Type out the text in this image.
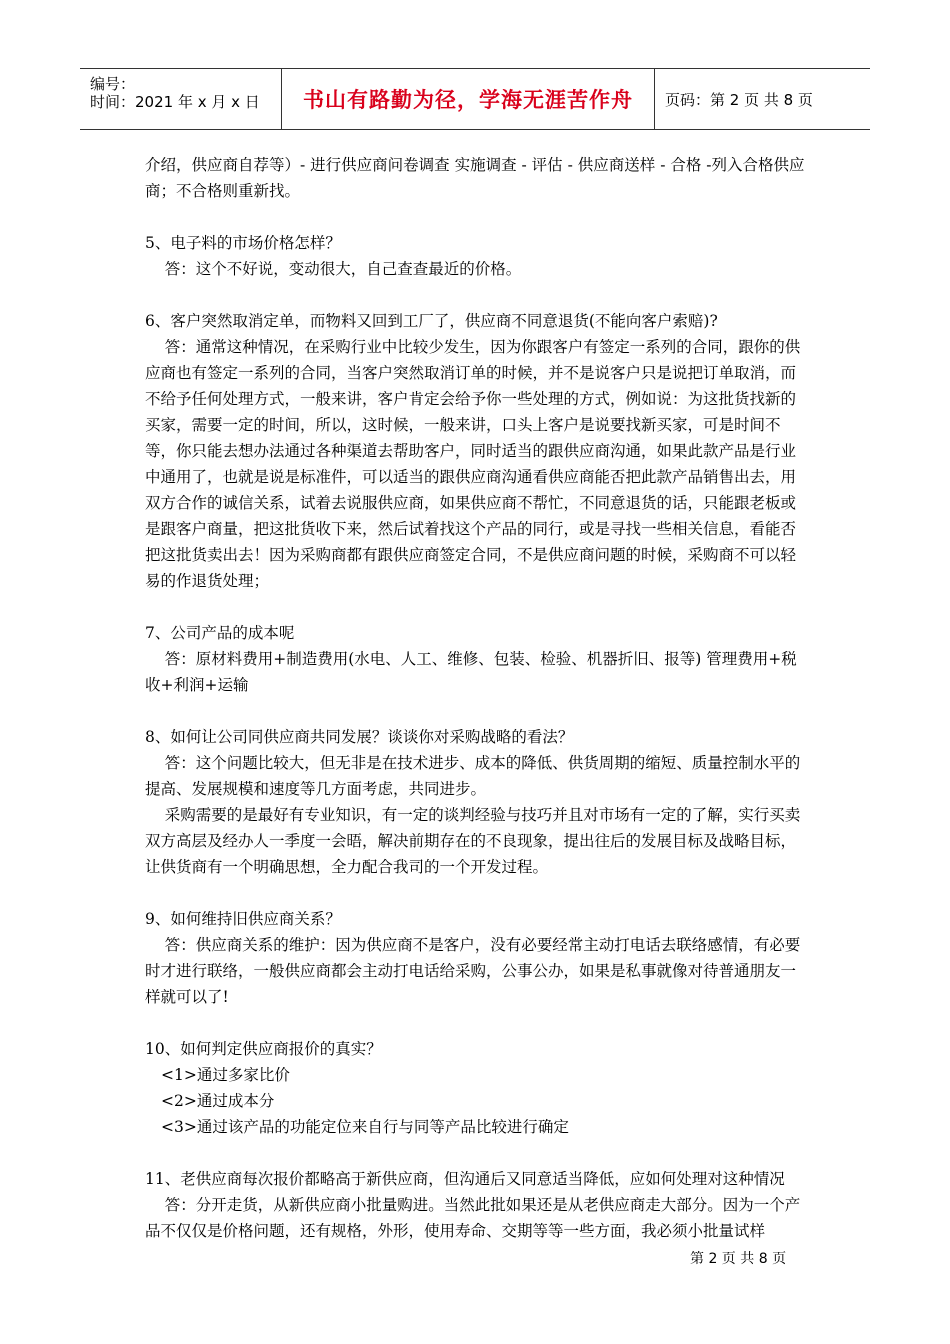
编号：
时间：2021 年 x 月 x 日 书山有路勤为径，学海无涯苦作舟 页码：第 2 页 共 8 页

介绍，供应商自荐等）- 进行供应商问卷调查 实施调查 - 评估 - 供应商送样 - 合格 -列入合格供应商；不合格则重新找。

5、电子料的市场价格怎样？

答：这个不好说，变动很大，自己查查最近的价格。

6、客户突然取消定单，而物料又回到工厂了，供应商不同意退货(不能向客户索赔)?

答：通常这种情况，在采购行业中比较少发生，因为你跟客户有签定一系列的合同，跟你的供应商也有签定一系列的合同，当客户突然取消订单的时候，并不是说客户只是说把订单取消，而不给予任何处理方式，一般来讲，客户肯定会给予你一些处理的方式，例如说：为这批货找新的买家，需要一定的时间，所以，这时候，一般来讲，口头上客户是说要找新买家，可是时间不等，你只能去想办法通过各种渠道去帮助客户，同时适当的跟供应商沟通，如果此款产品是行业中通用了，也就是说是标准件，可以适当的跟供应商沟通看供应商能否把此款产品销售出去，用双方合作的诚信关系，试着去说服供应商，如果供应商不帮忙，不同意退货的话，只能跟老板或是跟客户商量，把这批货收下来，然后试着找这个产品的同行，或是寻找一些相关信息，看能否把这批货卖出去！因为采购商都有跟供应商签定合同，不是供应商问题的时候，采购商不可以轻易的作退货处理；

7、公司产品的成本呢

答：原材料费用+制造费用(水电、人工、维修、包装、检验、机器折旧、报等) 管理费用+税收+利润+运输

8、如何让公司同供应商共同发展？谈谈你对采购战略的看法？

答：这个问题比较大，但无非是在技术进步、成本的降低、供货周期的缩短、质量控制水平的提高、发展规模和速度等几方面考虑，共同进步。

采购需要的是最好有专业知识，有一定的谈判经验与技巧并且对市场有一定的了解，实行买卖双方高层及经办人一季度一会晤，解决前期存在的不良现象，提出往后的发展目标及战略目标，让供货商有一个明确思想，全力配合我司的一个开发过程。

9、如何维持旧供应商关系？

答：供应商关系的维护：因为供应商不是客户，没有必要经常主动打电话去联络感情，有必要时才进行联络，一般供应商都会主动打电话给采购，公事公办，如果是私事就像对待普通朋友一样就可以了!

10、如何判定供应商报价的真实？

<1>通过多家比价

<2>通过成本分

<3>通过该产品的功能定位来自行与同等产品比较进行确定

11、老供应商每次报价都略高于新供应商，但沟通后又同意适当降低，应如何处理对这种情况

答：分开走货，从新供应商小批量购进。当然此批如果还是从老供应商走大部分。因为一个产品不仅仅是价格问题，还有规格，外形，使用寿命、交期等等一些方面，我必须小批量试样

第 2 页 共 8 页
